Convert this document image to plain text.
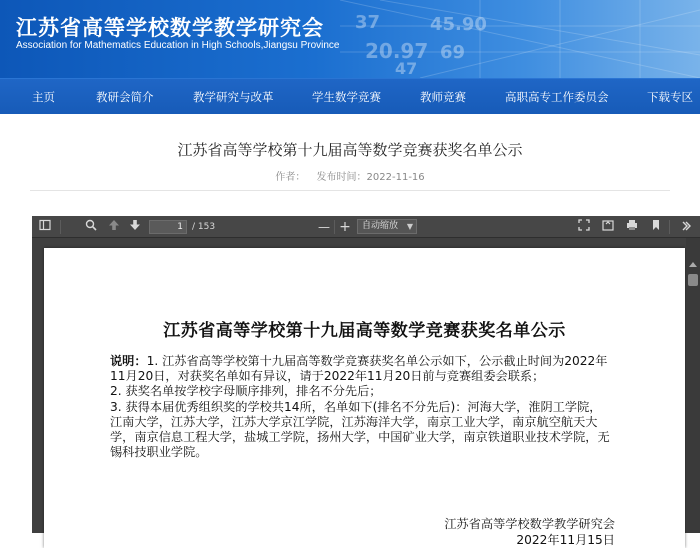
37
20.97
45.90
47
69
江苏省高等学校数学教学研究会
Association for Mathematics Education in High Schools,Jiangsu Province
主页	教研会简介	教学研究与改革	学生数学竞赛	教师竞赛	高职高专工作委员会	下载专区
江苏省高等学校第十九届高等数学竞赛获奖名单公示
作者： 发布时间：2022-11-16
1	/ 153	— +	自动缩放 ▼
江苏省高等学校第十九届高等数学竞赛获奖名单公示

说明：1. 江苏省高等学校第十九届高等数学竞赛获奖名单公示如下，公示截止时间为2022年11月20日，对获奖名单如有异议，请于2022年11月20日前与竞赛组委会联系；

2. 获奖名单按学校字母顺序排列，排名不分先后；

3. 获得本届优秀组织奖的学校共14所，名单如下(排名不分先后)：河海大学，淮阴工学院，江南大学，江苏大学，江苏大学京江学院，江苏海洋大学，南京工业大学，南京航空航天大学，南京信息工程大学，盐城工学院，扬州大学，中国矿业大学，南京铁道职业技术学院，无锡科技职业学院。

江苏省高等学校数学教学研究会
2022年11月15日
